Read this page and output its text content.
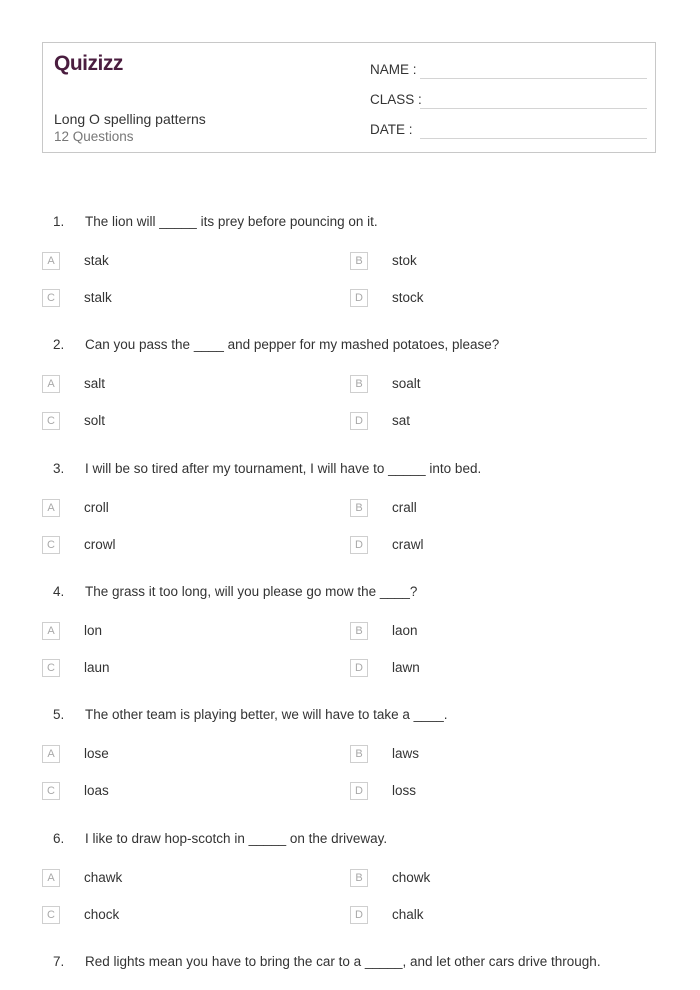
Quizizz
Long O spelling patterns
12 Questions
NAME :
CLASS :
DATE :
1. The lion will _____ its prey before pouncing on it.
A	stak	B	stok
C	stalk	D	stock
2. Can you pass the ____ and pepper for my mashed potatoes, please?
A	salt	B	soalt
C	solt	D	sat
3. I will be so tired after my tournament, I will have to _____ into bed.
A	croll	B	crall
C	crowl	D	crawl
4. The grass it too long, will you please go mow the ____?
A	lon	B	laon
C	laun	D	lawn
5. The other team is playing better, we will have to take a ____.
A	lose	B	laws
C	loas	D	loss
6. I like to draw hop-scotch in _____ on the driveway.
A	chawk	B	chowk
C	chock	D	chalk
7. Red lights mean you have to bring the car to a _____, and let other cars drive through.
